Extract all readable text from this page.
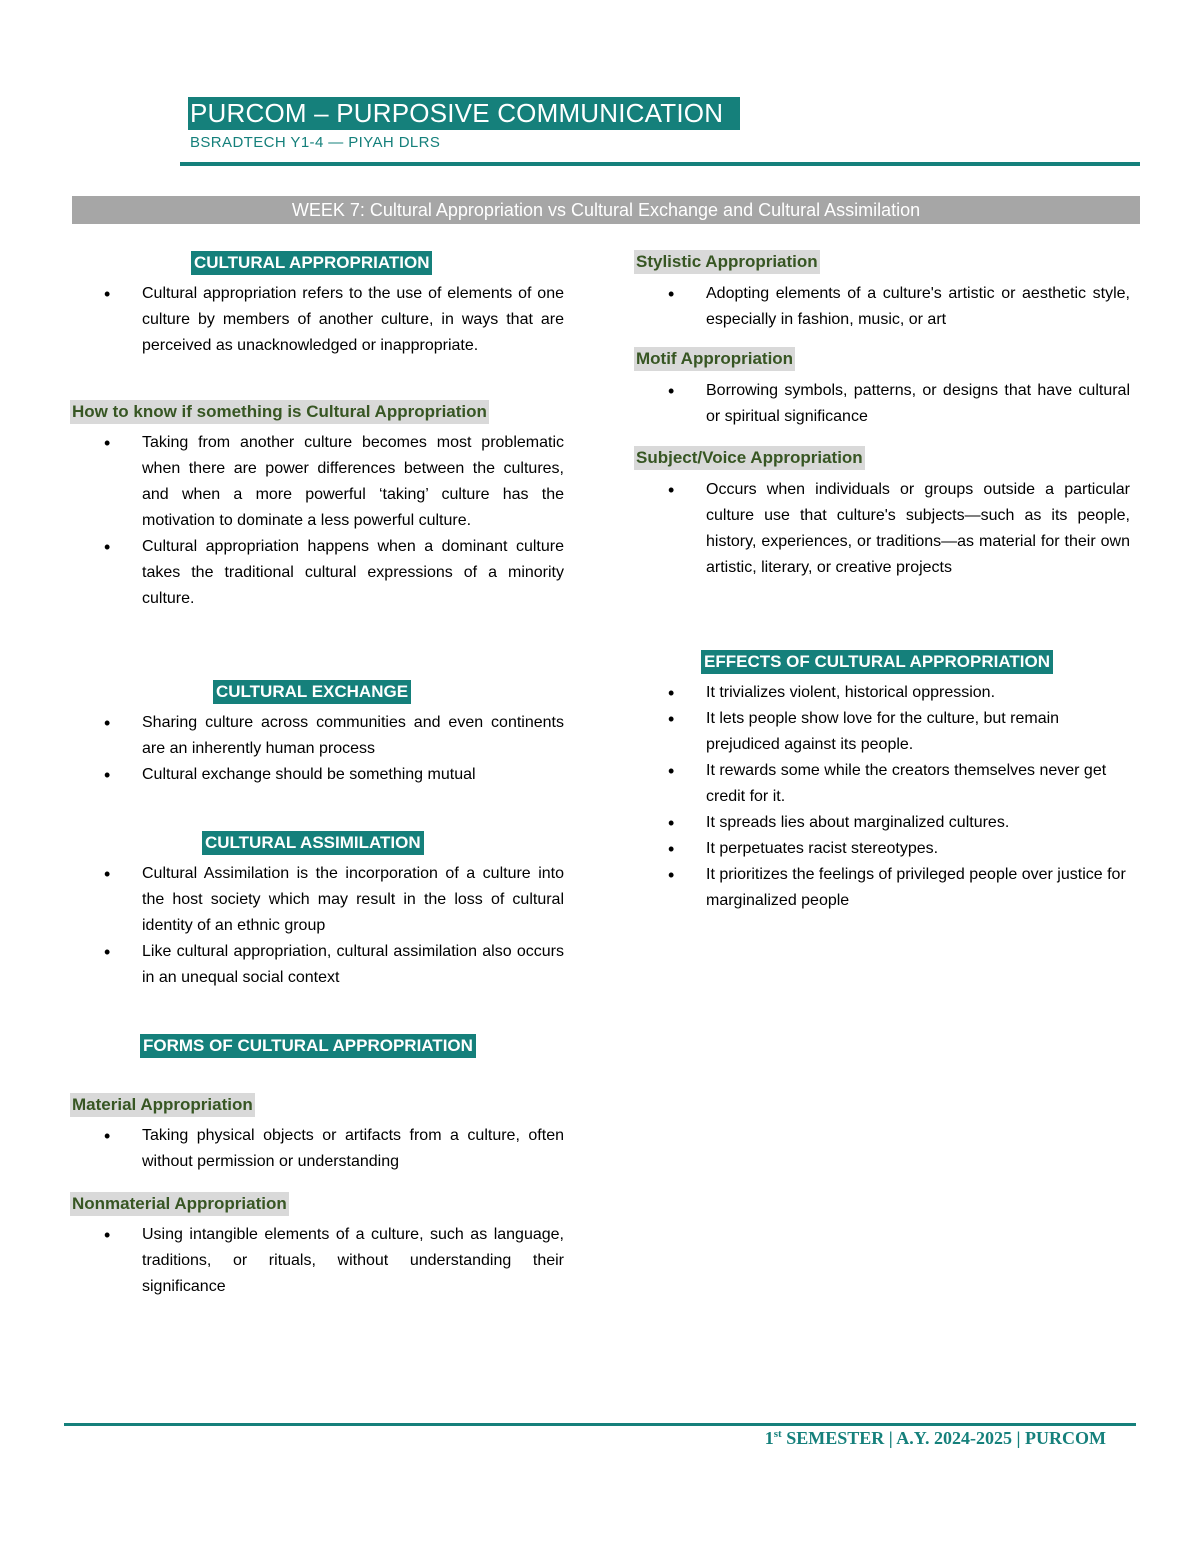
PURCOM – PURPOSIVE COMMUNICATION
BSRADTECH Y1-4 — PIYAH DLRS
WEEK 7: Cultural Appropriation vs Cultural Exchange and Cultural Assimilation
CULTURAL APPROPRIATION
• Cultural appropriation refers to the use of elements of one culture by members of another culture, in ways that are perceived as unacknowledged or inappropriate.
How to know if something is Cultural Appropriation
• Taking from another culture becomes most problematic when there are power differences between the cultures, and when a more powerful ‘taking’ culture has the motivation to dominate a less powerful culture.
• Cultural appropriation happens when a dominant culture takes the traditional cultural expressions of a minority culture.
CULTURAL EXCHANGE
• Sharing culture across communities and even continents are an inherently human process
• Cultural exchange should be something mutual
CULTURAL ASSIMILATION
• Cultural Assimilation is the incorporation of a culture into the host society which may result in the loss of cultural identity of an ethnic group
• Like cultural appropriation, cultural assimilation also occurs in an unequal social context
FORMS OF CULTURAL APPROPRIATION
Material Appropriation
• Taking physical objects or artifacts from a culture, often without permission or understanding
Nonmaterial Appropriation
• Using intangible elements of a culture, such as language, traditions, or rituals, without understanding their significance
Stylistic Appropriation
• Adopting elements of a culture's artistic or aesthetic style, especially in fashion, music, or art
Motif Appropriation
• Borrowing symbols, patterns, or designs that have cultural or spiritual significance
Subject/Voice Appropriation
• Occurs when individuals or groups outside a particular culture use that culture's subjects—such as its people, history, experiences, or traditions—as material for their own artistic, literary, or creative projects
EFFECTS OF CULTURAL APPROPRIATION
• It trivializes violent, historical oppression.
• It lets people show love for the culture, but remain prejudiced against its people.
• It rewards some while the creators themselves never get credit for it.
• It spreads lies about marginalized cultures.
• It perpetuates racist stereotypes.
• It prioritizes the feelings of privileged people over justice for marginalized people
1st SEMESTER | A.Y. 2024-2025 | PURCOM
